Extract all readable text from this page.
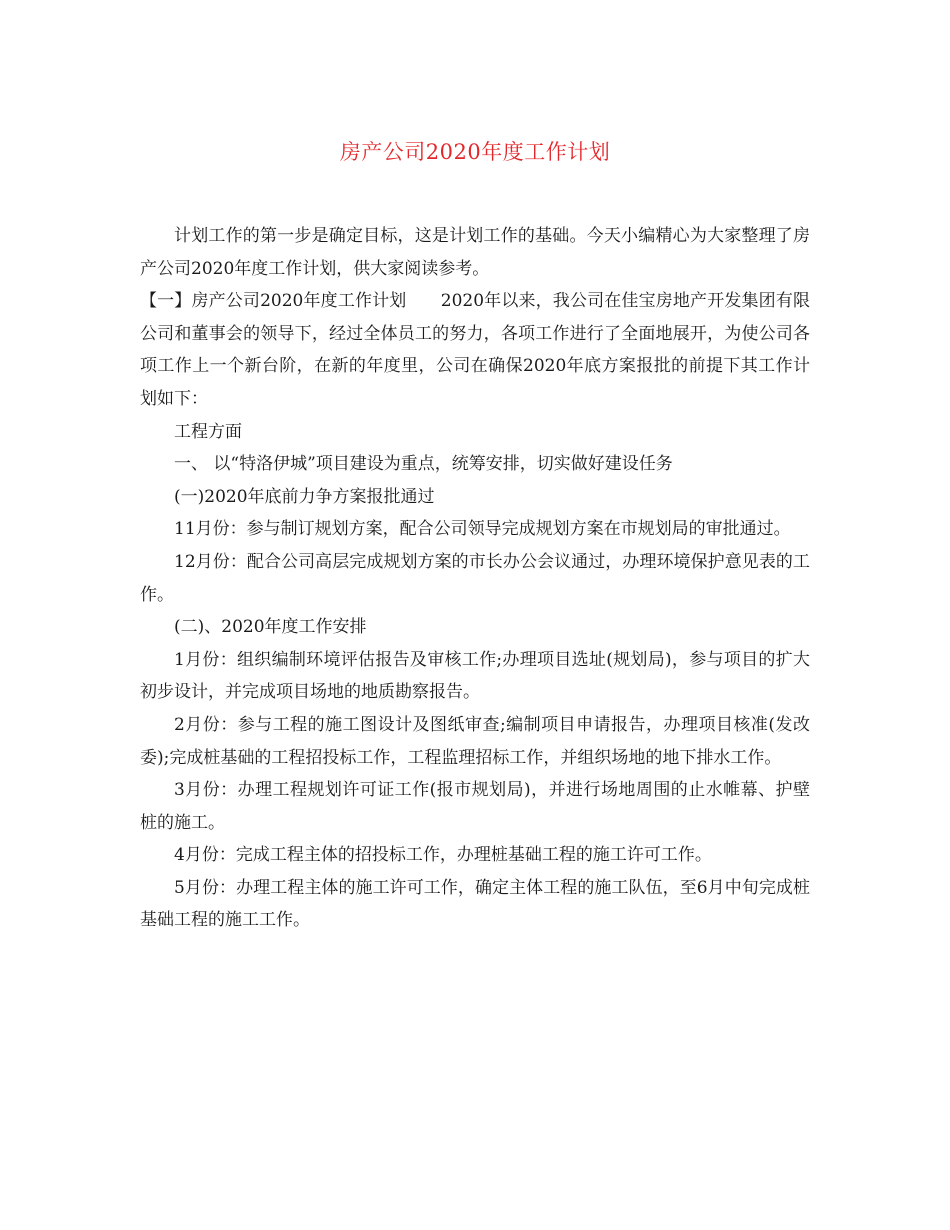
房产公司2020年度工作计划

计划工作的第一步是确定目标，这是计划工作的基础。今天小编精心为大家整理了房产公司2020年度工作计划，供大家阅读参考。

【一】房产公司2020年度工作计划　　2020年以来，我公司在佳宝房地产开发集团有限公司和董事会的领导下，经过全体员工的努力，各项工作进行了全面地展开，为使公司各项工作上一个新台阶，在新的年度里，公司在确保2020年底方案报批的前提下其工作计划如下：

工程方面

一、 以“特洛伊城”项目建设为重点，统筹安排，切实做好建设任务

(一)2020年底前力争方案报批通过

11月份：参与制订规划方案，配合公司领导完成规划方案在市规划局的审批通过。

12月份：配合公司高层完成规划方案的市长办公会议通过，办理环境保护意见表的工作。

(二)、2020年度工作安排

1月份：组织编制环境评估报告及审核工作;办理项目选址(规划局)，参与项目的扩大初步设计，并完成项目场地的地质勘察报告。

2月份：参与工程的施工图设计及图纸审查;编制项目申请报告，办理项目核准(发改委);完成桩基础的工程招投标工作，工程监理招标工作，并组织场地的地下排水工作。

3月份：办理工程规划许可证工作(报市规划局)，并进行场地周围的止水帷幕、护壁桩的施工。

4月份：完成工程主体的招投标工作，办理桩基础工程的施工许可工作。

5月份：办理工程主体的施工许可工作，确定主体工程的施工队伍，至6月中旬完成桩基础工程的施工工作。
